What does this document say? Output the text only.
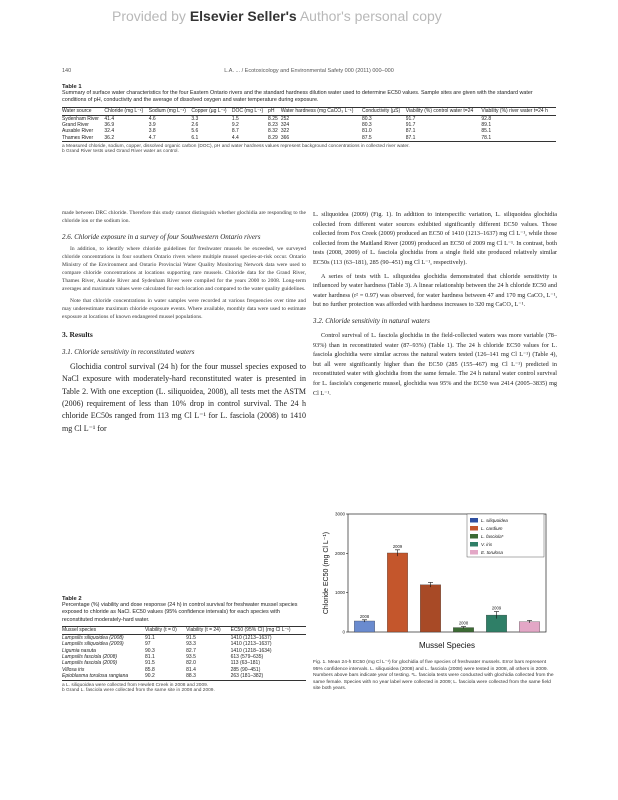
Provided by Elsevier Seller's Author's personal copy
140	L.A. ... / Ecotoxicology and Environmental Safety 000 (2011) 000–000
Table 1
Summary of surface water characteristics for the four Eastern Ontario rivers and the standard hardness dilution water used to determine EC50 values. Sample sites are given with the standard water conditions of pH, conductivity and the average of dissolved oxygen and water temperature during exposure.
Water source	Chloride (mg L⁻¹)	Sodium (mg L⁻¹)	Copper (µg L⁻¹)	DOC (mg L⁻¹)	pH	Water hardness (mg CaCO₃ L⁻¹)	Conductivity (µS)	Viability (%) control water t=24	Viability (%) river water t=24 h
Sydenham River	41.4	4.6	3.3	1.5	8.25	252	80.3	91.7	92.8
Grand River	36.9	3.9	2.6	9.2	8.23	324	80.3	91.7	89.1
Ausable River	32.4	3.8	5.6	8.7	8.32	322	81.0	87.1	85.1
Thames River	36.2	4.7	6.1	4.4	8.29	366	87.5	87.1	78.1
a Measured chloride, sodium, copper, dissolved organic carbon (DOC), pH and water hardness values represent background concentrations in collected river water.
b Grand River tests used Grand River water as control.

made between DRC chloride. Therefore this study cannot distinguish whether glochidia are responding to the chloride ion or the sodium ion.

2.6. Chloride exposure in a survey of four Southwestern Ontario rivers

In addition, to identify where chloride guidelines for freshwater mussels be exceeded, we surveyed chloride concentrations in four southern Ontario rivers where multiple mussel species-at-risk occur. Ontario Ministry of the Environment and Ontario Provincial Water Quality Monitoring Network data were used to compare chloride concentrations at locations supporting rare mussels. Chloride data for the Grand River, Thames River, Ausable River and Sydenham River were compiled for the years 2000 to 2008. Long-term averages and maximum values were calculated for each location and compared to the water quality guidelines.

Note that chloride concentrations in water samples were recorded at various frequencies over time and may underestimate maximum chloride exposure events. Where available, monthly data were used to estimate exposure at locations of known endangered mussel populations.

3. Results
3.1. Chloride sensitivity in reconstituted waters

Glochidia control survival (24 h) for the four mussel species exposed to NaCl exposure with moderately-hard reconstituted water is presented in Table 2. With one exception (L. siliquoidea, 2008), all tests met the ASTM (2006) requirement of less than 10% drop in control survival. The 24 h chloride EC50s ranged from 113 mg Cl L⁻¹ for L. fasciola (2008) to 1410 mg Cl L⁻¹ for

Table 2
Percentage (%) viability and dose response (24 h) in control survival for freshwater mussel species exposed to chloride as NaCl. EC50 values (95% confidence intervals) for each species with reconstituted moderately-hard water.
Mussel species	Viability (t = 0)	Viability (t = 24)	EC50 (95% CI) (mg Cl L⁻¹)
Lampsilis siliquoidea (2008)	91.1	91.5	1410 (1213–1637)
Lampsilis siliquoidea (2009)	97	93.3	1410 (1213–1637)
Ligumia nasuta	90.3	82.7	1410 (1218–1634)
Lampsilis fasciola (2008)	81.1	93.5	613 (579–635)
Lampsilis fasciola (2009)	91.5	82.0	113 (63–181)
Villosa iris	85.8	81.4	285 (90–451)
Epioblasma torulosa rangiana	90.2	88.3	263 (181–382)
a L. siliquoidea were collected from Hewlett Creek in 2008 and 2009.
b Grand L. fasciola were collected from the same site in 2008 and 2009.

L. siliquoidea (2009) (Fig. 1). In addition to interspecific variation, L. siliquoidea glochidia collected from different water sources exhibited significantly different EC50 values. Those collected from Fox Creek (2009) produced an EC50 of 1410 (1213–1637) mg Cl L⁻¹, while those collected from the Maitland River (2009) produced an EC50 of 2009 mg Cl L⁻¹. In contrast, both tests (2008, 2009) of L. fasciola glochidia from a single field site produced relatively similar EC50s (113 (63–181), 285 (90–451) mg Cl L⁻¹, respectively).

A series of tests with L. siliquoidea glochidia demonstrated that chloride sensitivity is influenced by water hardness (Table 3). A linear relationship between the 24 h chloride EC50 and water hardness (r² = 0.97) was observed, for water hardness between 47 and 170 mg CaCO₃ L⁻¹, but no further protection was afforded with hardness increases to 320 mg CaCO₃ L⁻¹.

3.2. Chloride sensitivity in natural waters

Control survival of L. fasciola glochidia in the field-collected waters was more variable (78–93%) than in reconstituted water (87–93%) (Table 1). The 24 h chloride EC50 values for L. fasciola glochidia were similar across the natural waters tested (126–141 mg Cl L⁻¹) (Table 4), but all were significantly higher than the EC50 (285 (155–467) mg Cl L⁻¹) predicted in reconstituted water with glochidia from the same female. The 24 h natural water control survival for L. fasciola's congeneric mussel, glochidia was 95% and the EC50 was 2414 (2005–3835) mg Cl L⁻¹.

0
1000
2000
3000
Chloride EC50 (mg Cl L⁻¹)
Mussel Species
2008
2009
2008
2009
L. siliquoidea
L. cardium
L. fasciola*
V. iris
E. torulosa
Fig. 1. Mean 24-h EC50 (mg Cl L⁻¹) for glochidia of five species of freshwater mussels. Error bars represent 95% confidence intervals. L. siliquoidea (2008) and L. fasciola (2008) were tested in 2008, all others in 2009. Numbers above bars indicate year of testing. *L. fasciola tests were conducted with glochidia collected from the same female. Species with no year label were collected in 2009; L. fasciola were collected from the same field site both years.
